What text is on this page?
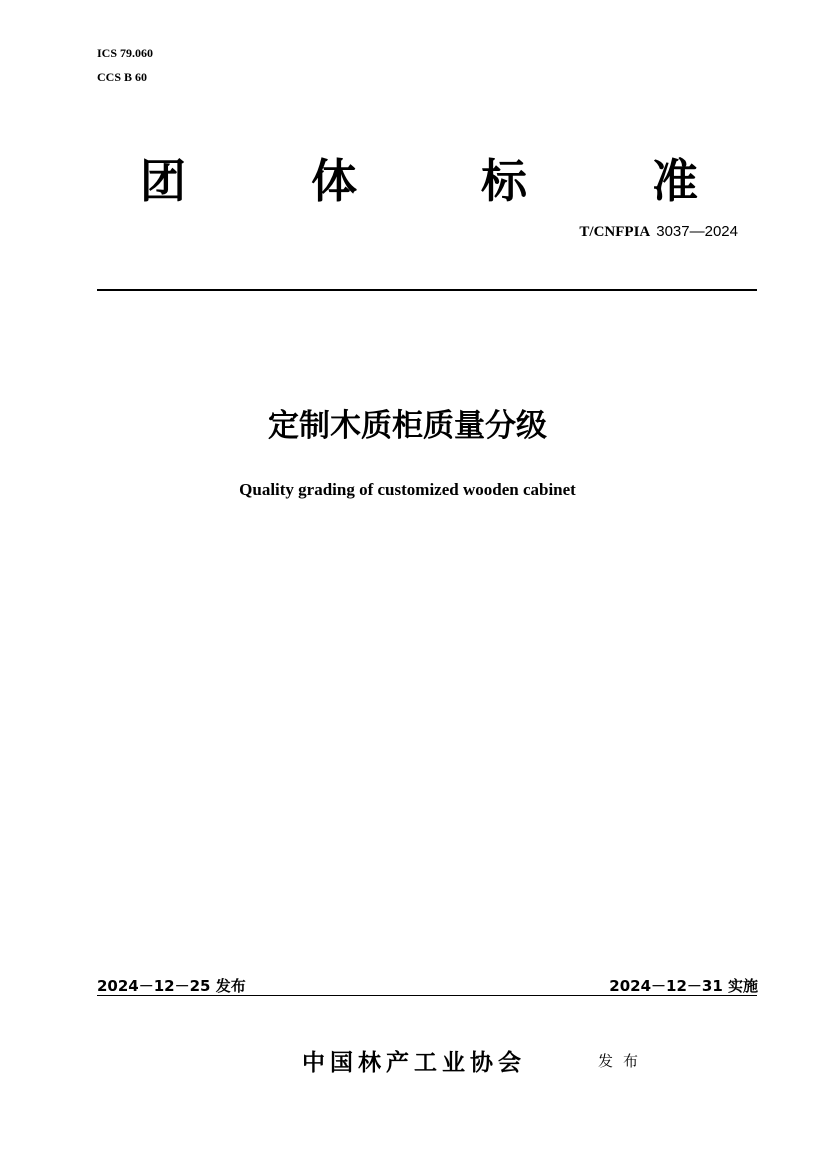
ICS 79.060
CCS B 60
团	体	标	准
T/CNFPIA 3037—2024
定制木质柜质量分级
Quality grading of customized wooden cabinet
2024－12－25 发布	2024－12－31 实施
中国林产工业协会	发布
